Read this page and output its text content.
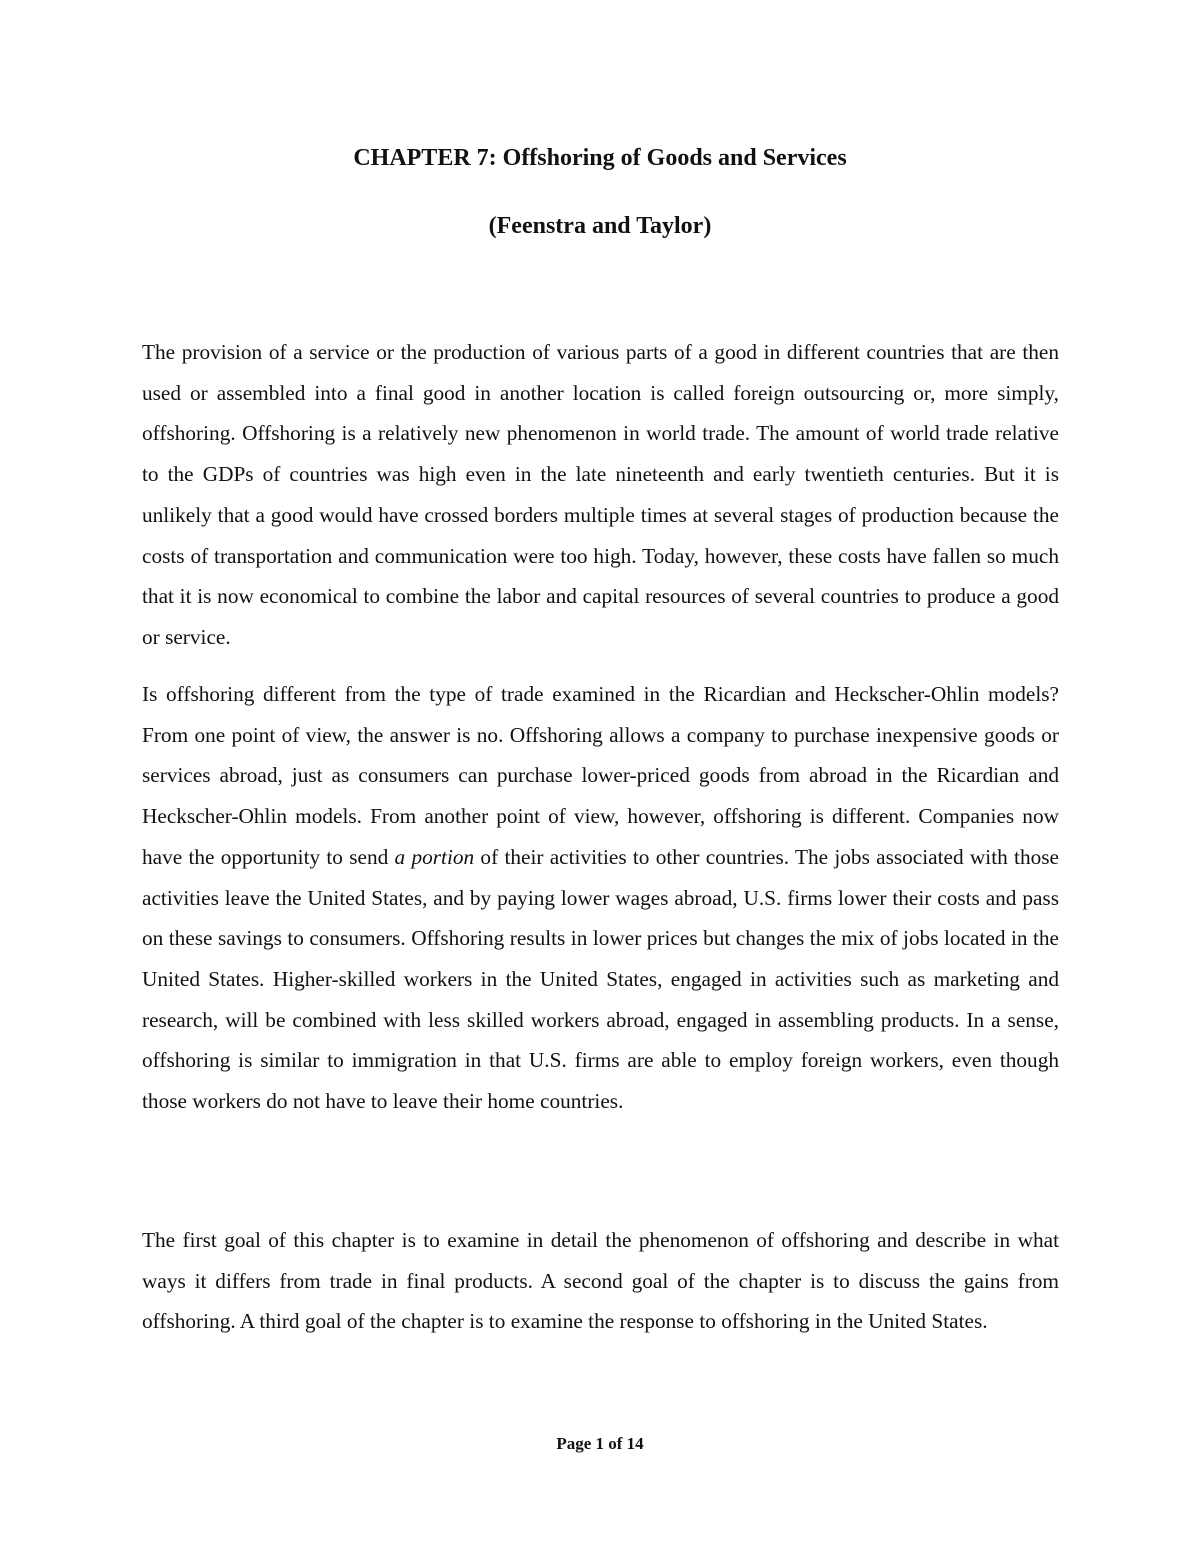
CHAPTER 7: Offshoring of Goods and Services
(Feenstra and Taylor)

The provision of a service or the production of various parts of a good in different countries that are then used or assembled into a final good in another location is called foreign outsourcing or, more simply, offshoring. Offshoring is a relatively new phenomenon in world trade. The amount of world trade relative to the GDPs of countries was high even in the late nineteenth and early twentieth centuries. But it is unlikely that a good would have crossed borders multiple times at several stages of production because the costs of transportation and communication were too high. Today, however, these costs have fallen so much that it is now economical to combine the labor and capital resources of several countries to produce a good or service.

Is offshoring different from the type of trade examined in the Ricardian and Heckscher-Ohlin models? From one point of view, the answer is no. Offshoring allows a company to purchase inexpensive goods or services abroad, just as consumers can purchase lower-priced goods from abroad in the Ricardian and Heckscher-Ohlin models. From another point of view, however, offshoring is different. Companies now have the opportunity to send a portion of their activities to other countries. The jobs associated with those activities leave the United States, and by paying lower wages abroad, U.S. firms lower their costs and pass on these savings to consumers. Offshoring results in lower prices but changes the mix of jobs located in the United States. Higher-skilled workers in the United States, engaged in activities such as marketing and research, will be combined with less skilled workers abroad, engaged in assembling products. In a sense, offshoring is similar to immigration in that U.S. firms are able to employ foreign workers, even though those workers do not have to leave their home countries.

The first goal of this chapter is to examine in detail the phenomenon of offshoring and describe in what ways it differs from trade in final products. A second goal of the chapter is to discuss the gains from offshoring. A third goal of the chapter is to examine the response to offshoring in the United States.

Page 1 of 14
